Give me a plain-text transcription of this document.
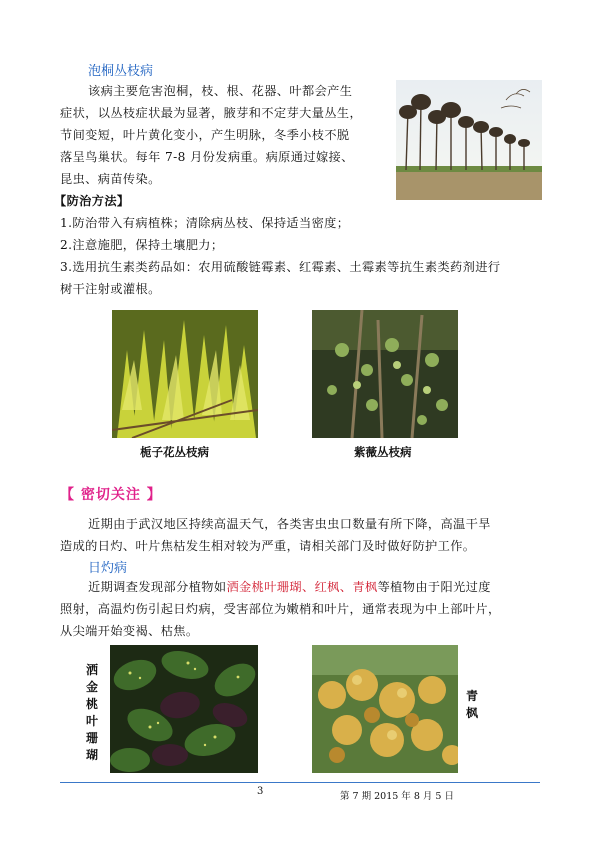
泡桐丛枝病
该病主要危害泡桐，枝、根、花器、叶都会产生
症状，以丛枝症状最为显著，腋芽和不定芽大量丛生，
节间变短，叶片黄化变小，产生明脉，冬季小枝不脱
落呈鸟巢状。每年 7-8 月份发病重。病原通过嫁接、
昆虫、病苗传染。
【防治方法】
1.防治带入有病植株；清除病丛枝、保持适当密度；
2.注意施肥，保持土壤肥力；
3.选用抗生素类药品如：农用硫酸链霉素、红霉素、土霉素等抗生素类药剂进行
树干注射或灌根。
栀子花丛枝病	紫薇丛枝病
【 密切关注 】
近期由于武汉地区持续高温天气，各类害虫虫口数量有所下降，高温干旱
造成的日灼、叶片焦枯发生相对较为严重，请相关部门及时做好防护工作。
日灼病
近期调查发现部分植物如洒金桃叶珊瑚、红枫、青枫等植物由于阳光过度
照射，高温灼伤引起日灼病，受害部位为嫩梢和叶片，通常表现为中上部叶片，
从尖端开始变褐、枯焦。
洒金桃叶珊瑚
青枫
3	第 7 期 2015 年 8 月 5 日
